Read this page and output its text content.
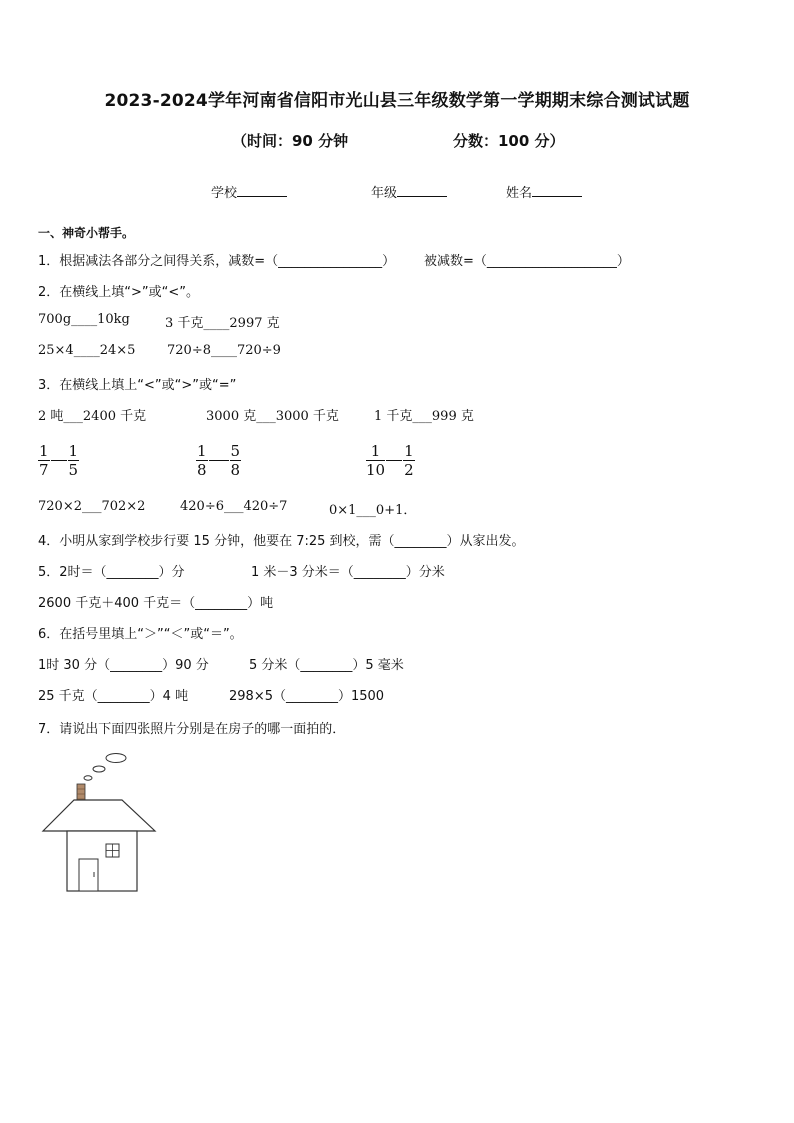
2023-2024学年河南省信阳市光山县三年级数学第一学期期末综合测试试题
（时间：90 分钟	分数：100 分）
学校	年级	姓名
一、神奇小帮手。
1．根据减法各部分之间得关系，减数=（________________） 被减数=（____________________）
2．在横线上填“>”或“<”。
700g____10kg	3 千克____2997 克
25×4____24×5 720÷8____720÷9
3．在横线上填上“<”或“>”或“=”
2 吨___2400 千克	3000 克___3000 千克	1 千克___999 克
$\frac{1}{7} \frac{1}{5}$	$\frac{1}{8} \frac{5}{8}$	$\frac{1}{10} \frac{1}{2}$
720×2___702×2	420÷6___420÷7	0×1___0+1．
4．小明从家到学校步行要 15 分钟，他要在 7:25 到校，需（________）从家出发。
5．2时＝（________）分	1 米－3 分米＝（________）分米
2600 千克＋400 千克＝（________）吨
6．在括号里填上“＞”“＜”或“＝”。
1时 30 分（________）90 分	5 分米（________）5 毫米
25 千克（________）4 吨	298×5（________）1500
7．请说出下面四张照片分别是在房子的哪一面拍的．
